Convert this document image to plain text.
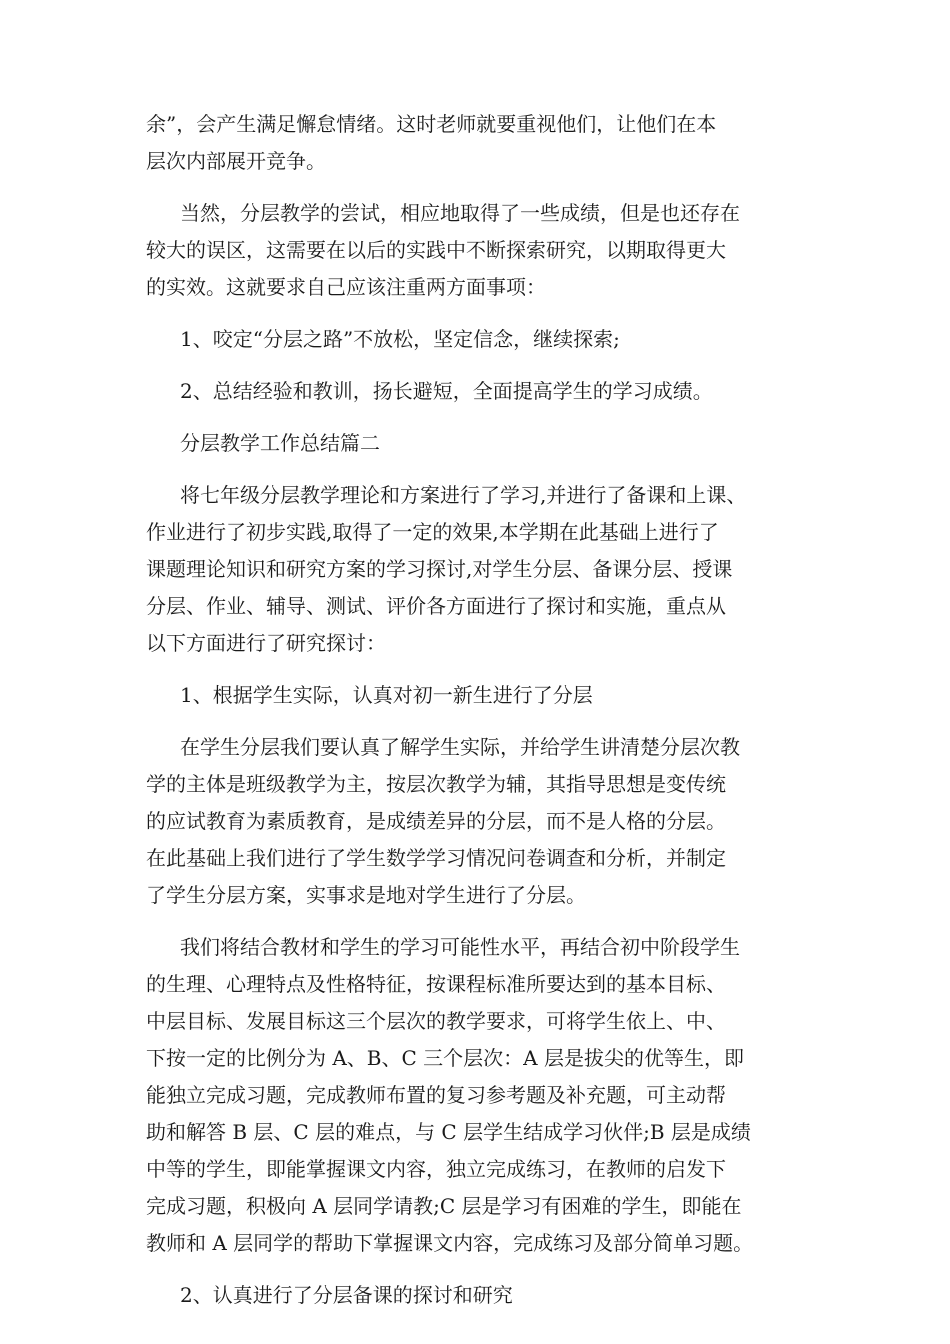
余”，会产生满足懈怠情绪。这时老师就要重视他们，让他们在本
层次内部展开竞争。
当然，分层教学的尝试，相应地取得了一些成绩，但是也还存在
较大的误区，这需要在以后的实践中不断探索研究，以期取得更大
的实效。这就要求自己应该注重两方面事项：
1、咬定“分层之路”不放松，坚定信念，继续探索;
2、总结经验和教训，扬长避短，全面提高学生的学习成绩。
分层教学工作总结篇二
将七年级分层教学理论和方案进行了学习,并进行了备课和上课、
作业进行了初步实践,取得了一定的效果,本学期在此基础上进行了
课题理论知识和研究方案的学习探讨,对学生分层、备课分层、授课
分层、作业、辅导、测试、评价各方面进行了探讨和实施，重点从
以下方面进行了研究探讨：
1、根据学生实际，认真对初一新生进行了分层
在学生分层我们要认真了解学生实际，并给学生讲清楚分层次教
学的主体是班级教学为主，按层次教学为辅，其指导思想是变传统
的应试教育为素质教育，是成绩差异的分层，而不是人格的分层。
在此基础上我们进行了学生数学学习情况问卷调查和分析，并制定
了学生分层方案，实事求是地对学生进行了分层。
我们将结合教材和学生的学习可能性水平，再结合初中阶段学生
的生理、心理特点及性格特征，按课程标准所要达到的基本目标、
中层目标、发展目标这三个层次的教学要求，可将学生依上、中、
下按一定的比例分为 A、B、C 三个层次：A 层是拔尖的优等生，即
能独立完成习题，完成教师布置的复习参考题及补充题，可主动帮
助和解答 B 层、C 层的难点，与 C 层学生结成学习伙伴;B 层是成绩
中等的学生，即能掌握课文内容，独立完成练习，在教师的启发下
完成习题，积极向 A 层同学请教;C 层是学习有困难的学生，即能在
教师和 A 层同学的帮助下掌握课文内容，完成练习及部分简单习题。
2、认真进行了分层备课的探讨和研究
